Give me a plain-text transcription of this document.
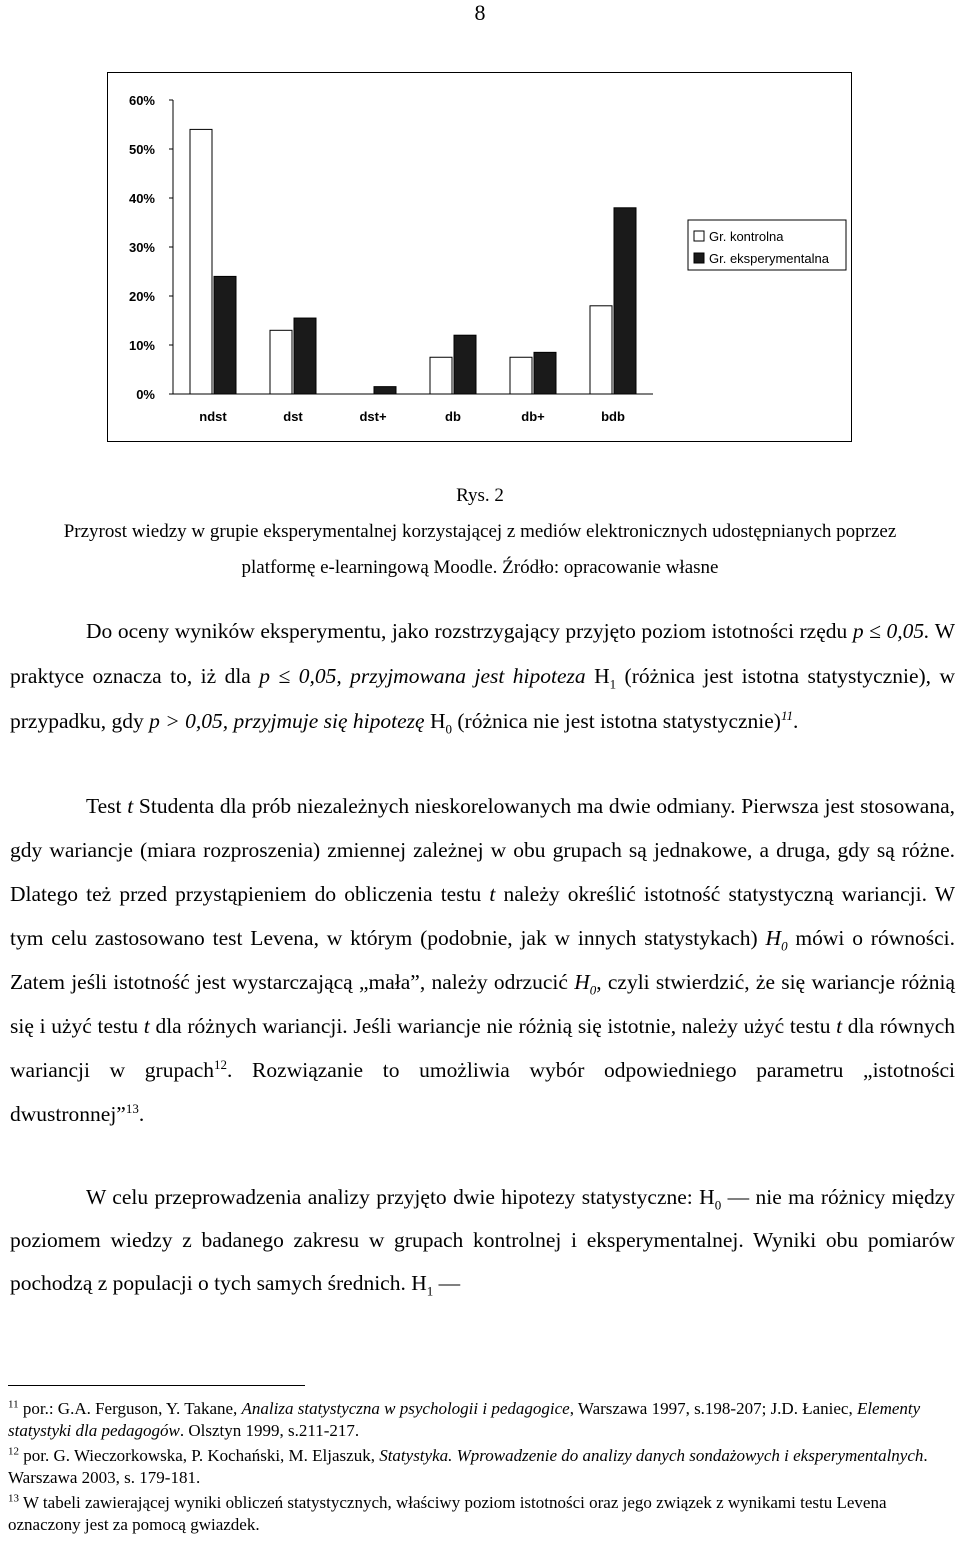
8
0%
10%
20%
30%
40%
50%
60%
ndst	dst	dst+	db	db+	bdb
Gr. kontrolna
Gr. eksperymentalna
Rys. 2
Przyrost wiedzy w grupie eksperymentalnej korzystającej z mediów elektronicznych udostępnianych poprzez
platformę e-learningową Moodle. Źródło: opracowanie własne
Do oceny wyników eksperymentu, jako rozstrzygający przyjęto poziom istotności rzędu p ≤ 0,05. W praktyce oznacza to, iż dla p ≤ 0,05, przyjmowana jest hipoteza $H_1$ (różnica jest istotna statystycznie), w przypadku, gdy p > 0,05, przyjmuje się hipotezę $H_0$ (różnica nie jest istotna statystycznie)$^{11}$.
Test t Studenta dla prób niezależnych nieskorelowanych ma dwie odmiany. Pierwsza jest stosowana, gdy wariancje (miara rozproszenia) zmiennej zależnej w obu grupach są jednakowe, a druga, gdy są różne. Dlatego też przed przystąpieniem do obliczenia testu t należy określić istotność statystyczną wariancji. W tym celu zastosowano test Levena, w którym (podobnie, jak w innych statystykach) $H_0$ mówi o równości. Zatem jeśli istotność jest wystarczającą „mała”, należy odrzucić $H_0$, czyli stwierdzić, że się wariancje różnią się i użyć testu t dla różnych wariancji. Jeśli wariancje nie różnią się istotnie, należy użyć testu t dla równych wariancji w grupach$^{12}$. Rozwiązanie to umożliwia wybór odpowiedniego parametru „istotności dwustronnej”$^{13}$.
W celu przeprowadzenia analizy przyjęto dwie hipotezy statystyczne: $H_0$ — nie ma różnicy między poziomem wiedzy z badanego zakresu w grupach kontrolnej i eksperymentalnej. Wyniki obu pomiarów pochodzą z populacji o tych samych średnich. $H_1$ —
$^{11}$ por.: G.A. Ferguson, Y. Takane, Analiza statystyczna w psychologii i pedagogice, Warszawa 1997, s.198-207; J.D. Łaniec, Elementy statystyki dla pedagogów. Olsztyn 1999, s.211-217.
$^{12}$ por. G. Wieczorkowska, P. Kochański, M. Eljaszuk, Statystyka. Wprowadzenie do analizy danych sondażowych i eksperymentalnych. Warszawa 2003, s. 179-181.
$^{13}$ W tabeli zawierającej wyniki obliczeń statystycznych, właściwy poziom istotności oraz jego związek z wynikami testu Levena oznaczony jest za pomocą gwiazdek.
